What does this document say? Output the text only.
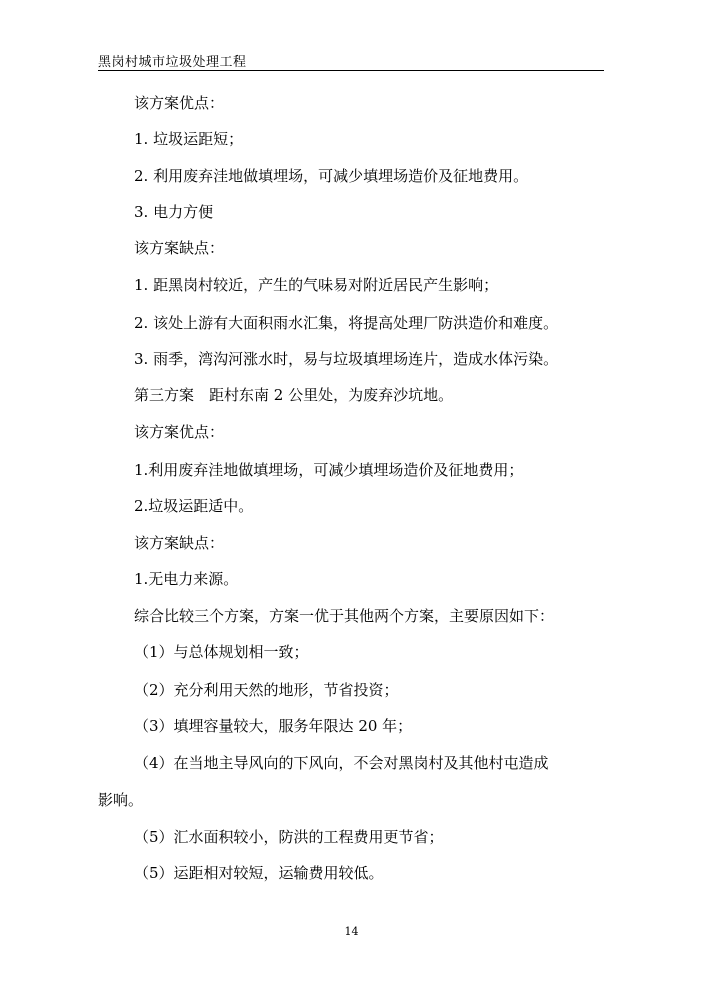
黑岗村城市垃圾处理工程
该方案优点：
1. 垃圾运距短；
2. 利用废弃洼地做填埋场，可减少填埋场造价及征地费用。
3. 电力方便
该方案缺点：
1. 距黑岗村较近，产生的气味易对附近居民产生影响；
2. 该处上游有大面积雨水汇集，将提高处理厂防洪造价和难度。
3. 雨季，湾沟河涨水时，易与垃圾填埋场连片，造成水体污染。
第三方案　距村东南 2 公里处，为废弃沙坑地。
该方案优点：
1.利用废弃洼地做填埋场，可减少填埋场造价及征地费用；
2.垃圾运距适中。
该方案缺点：
1.无电力来源。
综合比较三个方案，方案一优于其他两个方案，主要原因如下：
（1）与总体规划相一致；
（2）充分利用天然的地形，节省投资；
（3）填埋容量较大，服务年限达 20 年；
（4）在当地主导风向的下风向，不会对黑岗村及其他村屯造成
影响。
（5）汇水面积较小，防洪的工程费用更节省；
（5）运距相对较短，运输费用较低。
14
